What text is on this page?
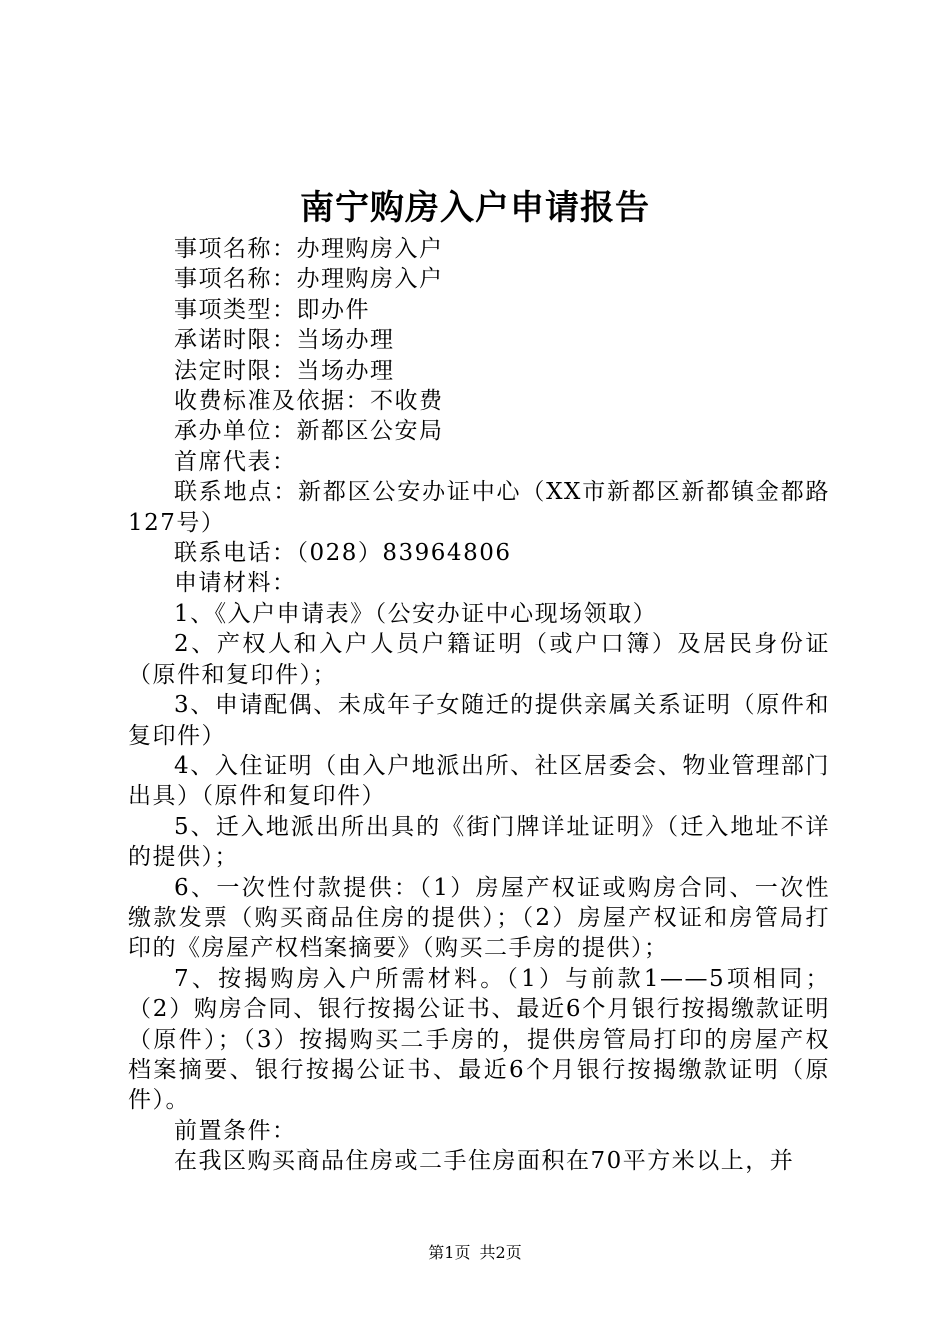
南宁购房入户申请报告

事项名称：办理购房入户

事项名称：办理购房入户

事项类型：即办件

承诺时限：当场办理

法定时限：当场办理

收费标准及依据：不收费

承办单位：新都区公安局

首席代表：

联系地点：新都区公安办证中心（XX市新都区新都镇金都路127号）

联系电话：（028）83964806

申请材料：

1、《入户申请表》（公安办证中心现场领取）

2、产权人和入户人员户籍证明（或户口簿）及居民身份证（原件和复印件）；

3、申请配偶、未成年子女随迁的提供亲属关系证明（原件和复印件）

4、入住证明（由入户地派出所、社区居委会、物业管理部门出具）（原件和复印件）

5、迁入地派出所出具的《街门牌详址证明》（迁入地址不详的提供）；

6、一次性付款提供：（1）房屋产权证或购房合同、一次性缴款发票（购买商品住房的提供）；（2）房屋产权证和房管局打印的《房屋产权档案摘要》（购买二手房的提供）；

7、按揭购房入户所需材料。（1）与前款1——5项相同；（2）购房合同、银行按揭公证书、最近6个月银行按揭缴款证明（原件）；（3）按揭购买二手房的，提供房管局打印的房屋产权档案摘要、银行按揭公证书、最近6个月银行按揭缴款证明（原件）。

前置条件：

在我区购买商品住房或二手住房面积在70平方米以上，并

第1页 共2页
